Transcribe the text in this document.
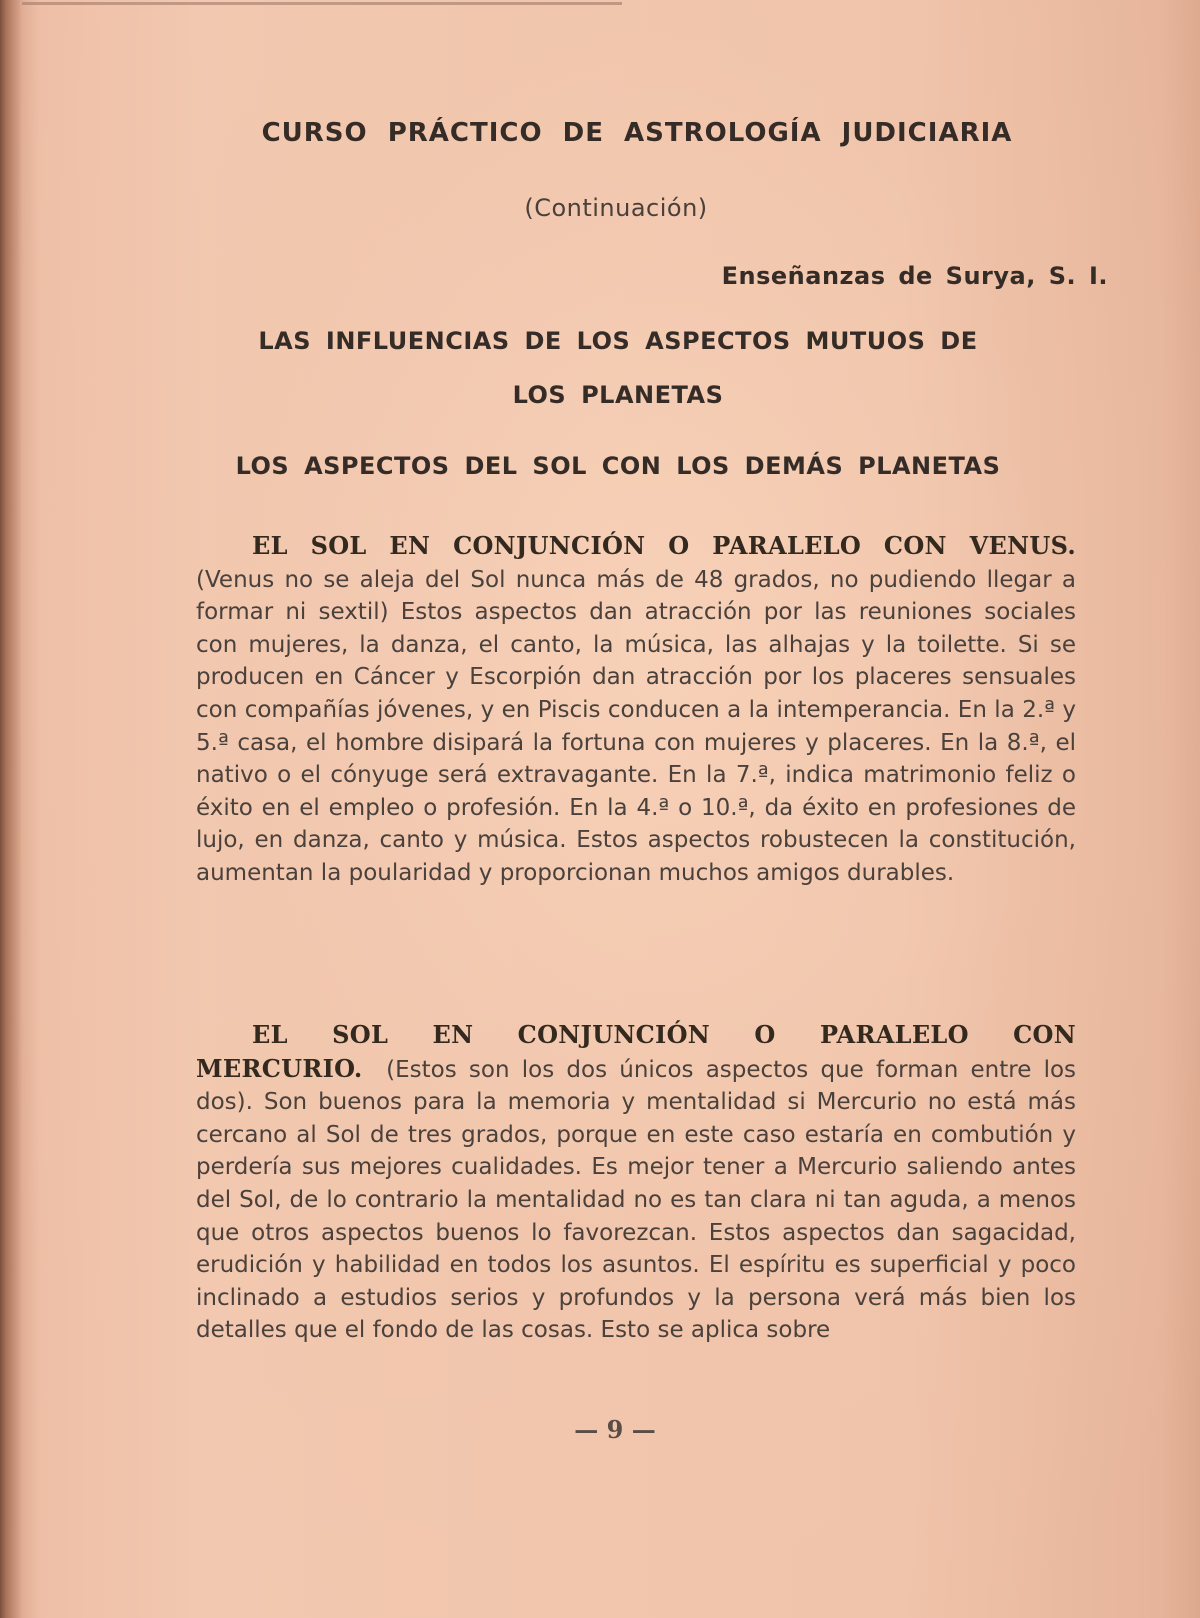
CURSO PRÁCTICO DE ASTROLOGÍA JUDICIARIA
(Continuación)
Enseñanzas de Surya, S. I.
LAS INFLUENCIAS DE LOS ASPECTOS MUTUOS DE
LOS PLANETAS
LOS ASPECTOS DEL SOL CON LOS DEMÁS PLANETAS

EL SOL EN CONJUNCIÓN O PARALELO CON VENUS. (Venus no se aleja del Sol nunca más de 48 grados, no pudiendo llegar a formar ni sextil) Estos aspectos dan atracción por las reuniones sociales con mujeres, la danza, el canto, la música, las alhajas y la toilette. Si se producen en Cáncer y Escorpión dan atracción por los placeres sensuales con compañías jóvenes, y en Piscis conducen a la intemperancia. En la 2.ª y 5.ª casa, el hombre disipará la fortuna con mujeres y placeres. En la 8.ª, el nativo o el cónyuge será extravagante. En la 7.ª, indica matrimonio feliz o éxito en el empleo o profesión. En la 4.ª o 10.ª, da éxito en profesiones de lujo, en danza, canto y música. Estos aspectos robustecen la constitución, aumentan la poularidad y proporcionan muchos amigos durables.

EL SOL EN CONJUNCIÓN O PARALELO CON MERCURIO. (Estos son los dos únicos aspectos que forman entre los dos). Son buenos para la memoria y mentalidad si Mercurio no está más cercano al Sol de tres grados, porque en este caso estaría en combutión y perdería sus mejores cualidades. Es mejor tener a Mercurio saliendo antes del Sol, de lo contrario la mentalidad no es tan clara ni tan aguda, a menos que otros aspectos buenos lo favorezcan. Estos aspectos dan sagacidad, erudición y habilidad en todos los asuntos. El espíritu es superficial y poco inclinado a estudios serios y profundos y la persona verá más bien los detalles que el fondo de las cosas. Esto se aplica sobre

— 9 —
